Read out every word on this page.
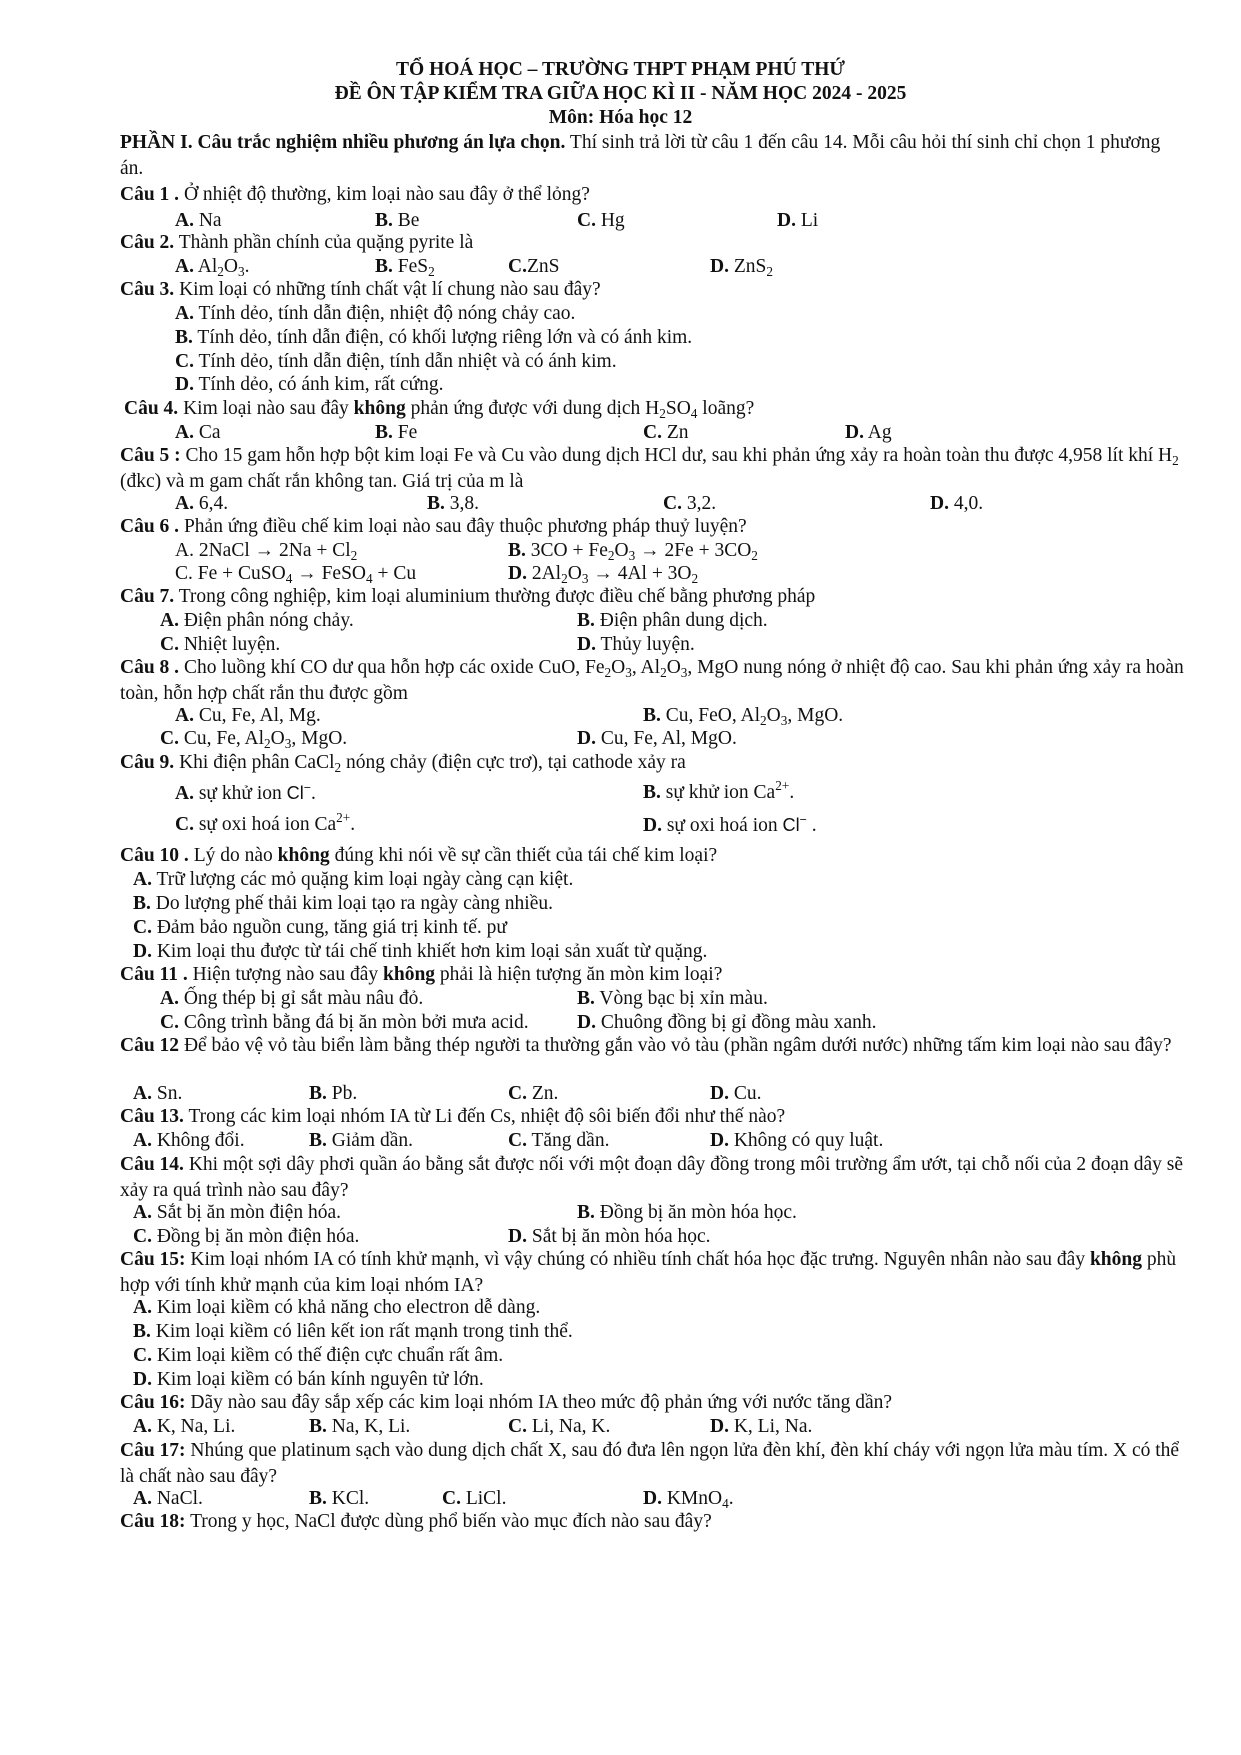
TỔ HOÁ HỌC – TRƯỜNG THPT PHẠM PHÚ THỨ
ĐỀ ÔN TẬP KIỂM TRA GIỮA HỌC KÌ II - NĂM HỌC 2024 - 2025
Môn: Hóa học 12
PHẦN I. Câu trắc nghiệm nhiều phương án lựa chọn. Thí sinh trả lời từ câu 1 đến câu 14. Mỗi câu hỏi thí sinh chỉ chọn 1 phương án.
Câu 1 . Ở nhiệt độ thường, kim loại nào sau đây ở thể lỏng?
A. Na	B. Be	C. Hg	D. Li
Câu 2. Thành phần chính của quặng pyrite là
A. $Al_2O_3$.	B. FeS$_2$	C.ZnS	D. ZnS$_2$
Câu 3. Kim loại có những tính chất vật lí chung nào sau đây?
A. Tính dẻo, tính dẫn điện, nhiệt độ nóng chảy cao.
B. Tính dẻo, tính dẫn điện, có khối lượng riêng lớn và có ánh kim.
C. Tính dẻo, tính dẫn điện, tính dẫn nhiệt và có ánh kim.
D. Tính dẻo, có ánh kim, rất cứng.
Câu 4. Kim loại nào sau đây không phản ứng được với dung dịch $H_2SO_4$ loãng?
A. Ca	B. Fe	C. Zn	D. Ag
Câu 5 : Cho 15 gam hỗn hợp bột kim loại Fe và Cu vào dung dịch HCl dư, sau khi phản ứng xảy ra hoàn toàn thu được 4,958 lít khí $H_2$ (đkc) và m gam chất rắn không tan. Giá trị của m là
A. 6,4.	B. 3,8.	C. 3,2.	D. 4,0.
Câu 6 . Phản ứng điều chế kim loại nào sau đây thuộc phương pháp thuỷ luyện?
A. 2NaCl → $2Na + Cl_2$	B. $3CO + Fe_2O_3 \to 2Fe + 3CO_2$
C. Fe + CuSO$_4$ → FeSO$_4$ + Cu	D. $2Al_2O_3 \to 4Al + 3O_2$
Câu 7. Trong công nghiệp, kim loại aluminium thường được điều chế bằng phương pháp
A. Điện phân nóng chảy.	B. Điện phân dung dịch.
C. Nhiệt luyện.	D. Thủy luyện.
Câu 8 . Cho luồng khí CO dư qua hỗn hợp các oxide CuO, $Fe_2O_3$, $Al_2O_3$, MgO nung nóng ở nhiệt độ cao. Sau khi phản ứng xảy ra hoàn toàn, hỗn hợp chất rắn thu được gồm
A. Cu, Fe, Al, Mg.	B. Cu, FeO, $Al_2O_3$, MgO.
C. Cu, Fe, $Al_2O_3$, MgO.	D. Cu, Fe, Al, MgO.
Câu 9. Khi điện phân CaCl$_2$ nóng chảy (điện cực trơ), tại cathode xảy ra
A. sự khử ion Cl−.	B. sự khử ion $Ca^{2+}$.
C. sự oxi hoá ion $Ca^{2+}$.	D. sự oxi hoá ion Cl− .
Câu 10 . Lý do nào không đúng khi nói về sự cần thiết của tái chế kim loại?
A. Trữ lượng các mỏ quặng kim loại ngày càng cạn kiệt.
B. Do lượng phế thải kim loại tạo ra ngày càng nhiều.
C. Đảm bảo nguồn cung, tăng giá trị kinh tế. pư
D. Kim loại thu được từ tái chế tinh khiết hơn kim loại sản xuất từ quặng.
Câu 11 . Hiện tượng nào sau đây không phải là hiện tượng ăn mòn kim loại?
A. Ống thép bị gỉ sắt màu nâu đỏ.	B. Vòng bạc bị xỉn màu.
C. Công trình bằng đá bị ăn mòn bởi mưa acid. D. Chuông đồng bị gỉ đồng màu xanh.
Câu 12 Để bảo vệ vỏ tàu biển làm bằng thép người ta thường gắn vào vỏ tàu (phần ngâm dưới nước) những tấm kim loại nào sau đây?
A. Sn.	B. Pb.	C. Zn.	D. Cu.
Câu 13. Trong các kim loại nhóm IA từ Li đến Cs, nhiệt độ sôi biến đổi như thế nào?
A. Không đổi.	B. Giảm dần.	C. Tăng dần.	D. Không có quy luật.
Câu 14. Khi một sợi dây phơi quần áo bằng sắt được nối với một đoạn dây đồng trong môi trường ẩm ướt, tại chỗ nối của 2 đoạn dây sẽ xảy ra quá trình nào sau đây?
A. Sắt bị ăn mòn điện hóa.	B. Đồng bị ăn mòn hóa học.
C. Đồng bị ăn mòn điện hóa.	D. Sắt bị ăn mòn hóa học.
Câu 15: Kim loại nhóm IA có tính khử mạnh, vì vậy chúng có nhiều tính chất hóa học đặc trưng. Nguyên nhân nào sau đây không phù hợp với tính khử mạnh của kim loại nhóm IA?
A. Kim loại kiềm có khả năng cho electron dễ dàng.
B. Kim loại kiềm có liên kết ion rất mạnh trong tinh thể.
C. Kim loại kiềm có thế điện cực chuẩn rất âm.
D. Kim loại kiềm có bán kính nguyên tử lớn.
Câu 16: Dãy nào sau đây sắp xếp các kim loại nhóm IA theo mức độ phản ứng với nước tăng dần?
A. K, Na, Li.	B. Na, K, Li.	C. Li, Na, K.	D. K, Li, Na.
Câu 17: Nhúng que platinum sạch vào dung dịch chất X, sau đó đưa lên ngọn lửa đèn khí, đèn khí cháy với ngọn lửa màu tím. X có thể là chất nào sau đây?
A. NaCl.	B. KCl.	C. LiCl.	D. KMnO$_4$.
Câu 18: Trong y học, NaCl được dùng phổ biến vào mục đích nào sau đây?
